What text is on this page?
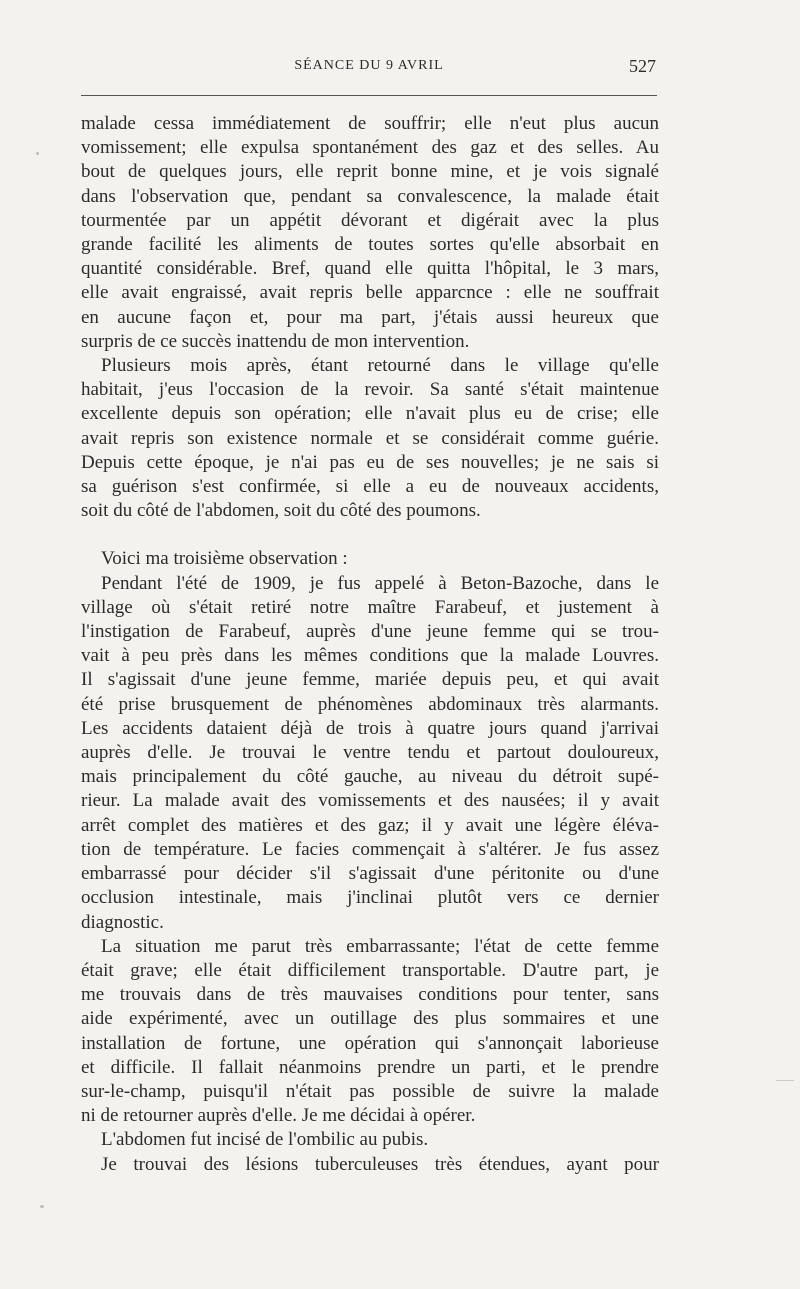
SÉANCE DU 9 AVRIL	527
malade cessa immédiatement de souffrir; elle n'eut plus aucun
vomissement; elle expulsa spontanément des gaz et des selles. Au
bout de quelques jours, elle reprit bonne mine, et je vois signalé
dans l'observation que, pendant sa convalescence, la malade était
tourmentée par un appétit dévorant et digérait avec la plus
grande facilité les aliments de toutes sortes qu'elle absorbait en
quantité considérable. Bref, quand elle quitta l'hôpital, le 3 mars,
elle avait engraissé, avait repris belle apparcnce : elle ne souffrait
en aucune façon et, pour ma part, j'étais aussi heureux que
surpris de ce succès inattendu de mon intervention.
Plusieurs mois après, étant retourné dans le village qu'elle
habitait, j'eus l'occasion de la revoir. Sa santé s'était maintenue
excellente depuis son opération; elle n'avait plus eu de crise; elle
avait repris son existence normale et se considérait comme guérie.
Depuis cette époque, je n'ai pas eu de ses nouvelles; je ne sais si
sa guérison s'est confirmée, si elle a eu de nouveaux accidents,
soit du côté de l'abdomen, soit du côté des poumons.
Voici ma troisième observation :
Pendant l'été de 1909, je fus appelé à Beton-Bazoche, dans le
village où s'était retiré notre maître Farabeuf, et justement à
l'instigation de Farabeuf, auprès d'une jeune femme qui se trou-
vait à peu près dans les mêmes conditions que la malade Louvres.
Il s'agissait d'une jeune femme, mariée depuis peu, et qui avait
été prise brusquement de phénomènes abdominaux très alarmants.
Les accidents dataient déjà de trois à quatre jours quand j'arrivai
auprès d'elle. Je trouvai le ventre tendu et partout douloureux,
mais principalement du côté gauche, au niveau du détroit supé-
rieur. La malade avait des vomissements et des nausées; il y avait
arrêt complet des matières et des gaz; il y avait une légère éléva-
tion de température. Le facies commençait à s'altérer. Je fus assez
embarrassé pour décider s'il s'agissait d'une péritonite ou d'une
occlusion intestinale, mais j'inclinai plutôt vers ce dernier
diagnostic.
La situation me parut très embarrassante; l'état de cette femme
était grave; elle était difficilement transportable. D'autre part, je
me trouvais dans de très mauvaises conditions pour tenter, sans
aide expérimenté, avec un outillage des plus sommaires et une
installation de fortune, une opération qui s'annonçait laborieuse
et difficile. Il fallait néanmoins prendre un parti, et le prendre
sur-le-champ, puisqu'il n'était pas possible de suivre la malade
ni de retourner auprès d'elle. Je me décidai à opérer.
L'abdomen fut incisé de l'ombilic au pubis.
Je trouvai des lésions tuberculeuses très étendues, ayant pour
